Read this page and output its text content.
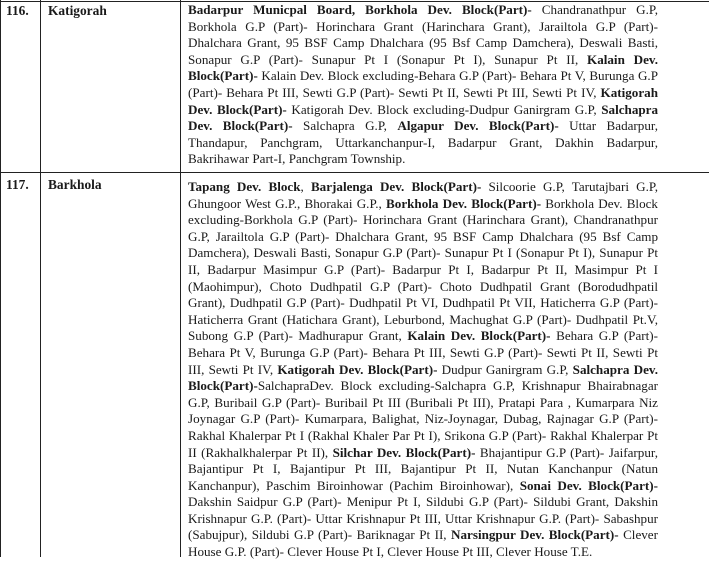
116. Katigorah	Badarpur Municpal Board, Borkhola Dev. Block(Part)- Chandranathpur G.P, Borkhola G.P (Part)- Horinchara Grant (Harinchara Grant), Jarailtola G.P (Part)- Dhalchara Grant, 95 BSF Camp Dhalchara (95 Bsf Camp Damchera), Deswali Basti, Sonapur G.P (Part)- Sunapur Pt I (Sonapur Pt I), Sunapur Pt II, Kalain Dev. Block(Part)- Kalain Dev. Block excluding-Behara G.P (Part)- Behara Pt V, Burunga G.P (Part)- Behara Pt III, Sewti G.P (Part)- Sewti Pt II, Sewti Pt III, Sewti Pt IV, Katigorah Dev. Block(Part)- Katigorah Dev. Block excluding-Dudpur Ganirgram G.P, Salchapra Dev. Block(Part)- Salchapra G.P, Algapur Dev. Block(Part)- Uttar Badarpur, Thandapur, Panchgram, Uttarkanchanpur-I, Badarpur Grant, Dakhin Badarpur, Bakrihawar Part-I, Panchgram Township.
117. Barkhola	Tapang Dev. Block, Barjalenga Dev. Block(Part)- Silcoorie G.P, Tarutajbari G.P, Ghungoor West G.P., Bhorakai G.P., Borkhola Dev. Block(Part)- Borkhola Dev. Block excluding-Borkhola G.P (Part)- Horinchara Grant (Harinchara Grant), Chandranathpur G.P, Jarailtola G.P (Part)- Dhalchara Grant, 95 BSF Camp Dhalchara (95 Bsf Camp Damchera), Deswali Basti, Sonapur G.P (Part)- Sunapur Pt I (Sonapur Pt I), Sunapur Pt II, Badarpur Masimpur G.P (Part)- Badarpur Pt I, Badarpur Pt II, Masimpur Pt I (Maohimpur), Choto Dudhpatil G.P (Part)- Choto Dudhpatil Grant (Borodudhpatil Grant), Dudhpatil G.P (Part)- Dudhpatil Pt VI, Dudhpatil Pt VII, Haticherra G.P (Part)- Haticherra Grant (Hatichara Grant), Leburbond, Machughat G.P (Part)- Dudhpatil Pt.V, Subong G.P (Part)- Madhurapur Grant, Kalain Dev. Block(Part)- Behara G.P (Part)- Behara Pt V, Burunga G.P (Part)- Behara Pt III, Sewti G.P (Part)- Sewti Pt II, Sewti Pt III, Sewti Pt IV, Katigorah Dev. Block(Part)- Dudpur Ganirgram G.P, Salchapra Dev. Block(Part)-SalchapraDev. Block excluding-Salchapra G.P, Krishnapur Bhairabnagar G.P, Buribail G.P (Part)- Buribail Pt III (Buribali Pt III), Pratapi Para , Kumarpara Niz Joynagar G.P (Part)- Kumarpara, Balighat, Niz-Joynagar, Dubag, Rajnagar G.P (Part)- Rakhal Khalerpar Pt I (Rakhal Khaler Par Pt I), Srikona G.P (Part)- Rakhal Khalerpar Pt II (Rakhalkhalerpar Pt II), Silchar Dev. Block(Part)- Bhajantipur G.P (Part)- Jaifarpur, Bajantipur Pt I, Bajantipur Pt III, Bajantipur Pt II, Nutan Kanchanpur (Natun Kanchanpur), Paschim Biroinhowar (Pachim Biroinhowar), Sonai Dev. Block(Part)- Dakshin Saidpur G.P (Part)- Menipur Pt I, Sildubi G.P (Part)- Sildubi Grant, Dakshin Krishnapur G.P. (Part)- Uttar Krishnapur Pt III, Uttar Krishnapur G.P. (Part)- Sabashpur (Sabujpur), Sildubi G.P (Part)- Bariknagar Pt II, Narsingpur Dev. Block(Part)- Clever House G.P. (Part)- Clever House Pt I, Clever House Pt III, Clever House T.E.
